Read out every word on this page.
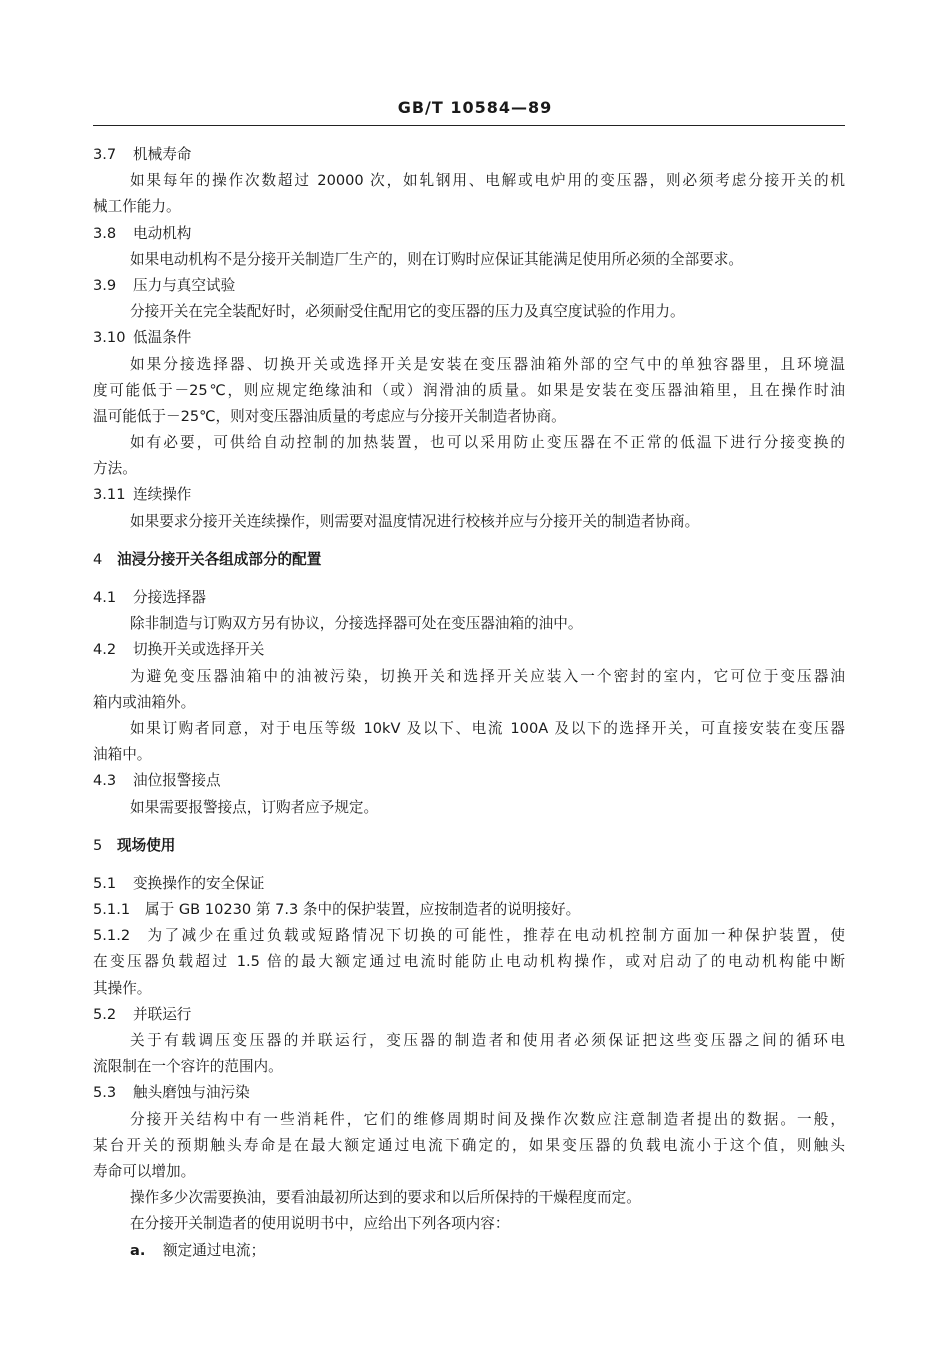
GB/T 10584—89
3.7 机械寿命
如果每年的操作次数超过 20000 次，如轧钢用、电解或电炉用的变压器，则必须考虑分接开关的机
械工作能力。
3.8 电动机构
如果电动机构不是分接开关制造厂生产的，则在订购时应保证其能满足使用所必须的全部要求。
3.9 压力与真空试验
分接开关在完全装配好时，必须耐受住配用它的变压器的压力及真空度试验的作用力。
3.10 低温条件
如果分接选择器、切换开关或选择开关是安装在变压器油箱外部的空气中的单独容器里，且环境温
度可能低于－25℃，则应规定绝缘油和（或）润滑油的质量。如果是安装在变压器油箱里，且在操作时油
温可能低于－25℃，则对变压器油质量的考虑应与分接开关制造者协商。
如有必要，可供给自动控制的加热装置，也可以采用防止变压器在不正常的低温下进行分接变换的
方法。
3.11 连续操作
如果要求分接开关连续操作，则需要对温度情况进行校核并应与分接开关的制造者协商。
4 油浸分接开关各组成部分的配置
4.1 分接选择器
除非制造与订购双方另有协议，分接选择器可处在变压器油箱的油中。
4.2 切换开关或选择开关
为避免变压器油箱中的油被污染，切换开关和选择开关应装入一个密封的室内，它可位于变压器油
箱内或油箱外。
如果订购者同意，对于电压等级 10kV 及以下、电流 100A 及以下的选择开关，可直接安装在变压器
油箱中。
4.3 油位报警接点
如果需要报警接点，订购者应予规定。
5 现场使用
5.1 变换操作的安全保证
5.1.1 属于 GB 10230 第 7.3 条中的保护装置，应按制造者的说明接好。
5.1.2 为了减少在重过负载或短路情况下切换的可能性，推荐在电动机控制方面加一种保护装置，使
在变压器负载超过 1.5 倍的最大额定通过电流时能防止电动机构操作，或对启动了的电动机构能中断
其操作。
5.2 并联运行
关于有载调压变压器的并联运行，变压器的制造者和使用者必须保证把这些变压器之间的循环电
流限制在一个容许的范围内。
5.3 触头磨蚀与油污染
分接开关结构中有一些消耗件，它们的维修周期时间及操作次数应注意制造者提出的数据。一般，
某台开关的预期触头寿命是在最大额定通过电流下确定的，如果变压器的负载电流小于这个值，则触头
寿命可以增加。
操作多少次需要换油，要看油最初所达到的要求和以后所保持的干燥程度而定。
在分接开关制造者的使用说明书中，应给出下列各项内容：
a. 额定通过电流；
